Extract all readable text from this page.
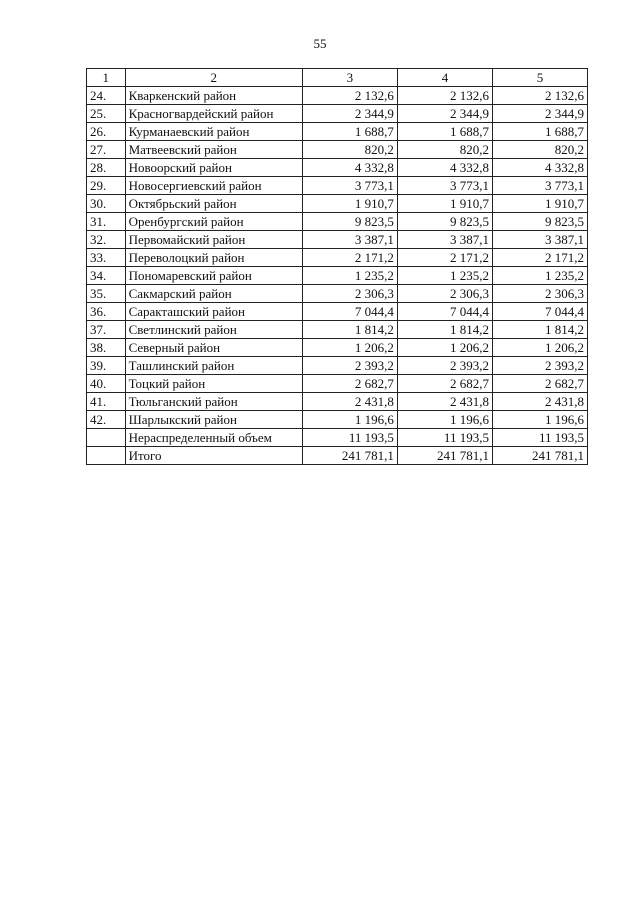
55
1	2	3	4	5
24.	Кваркенский район	2 132,6	2 132,6	2 132,6
25.	Красногвардейский район	2 344,9	2 344,9	2 344,9
26.	Курманаевский район	1 688,7	1 688,7	1 688,7
27.	Матвеевский район	820,2	820,2	820,2
28.	Новоорский район	4 332,8	4 332,8	4 332,8
29.	Новосергиевский район	3 773,1	3 773,1	3 773,1
30.	Октябрьский район	1 910,7	1 910,7	1 910,7
31.	Оренбургский район	9 823,5	9 823,5	9 823,5
32.	Первомайский район	3 387,1	3 387,1	3 387,1
33.	Переволоцкий район	2 171,2	2 171,2	2 171,2
34.	Пономаревский район	1 235,2	1 235,2	1 235,2
35.	Сакмарский район	2 306,3	2 306,3	2 306,3
36.	Саракташский район	7 044,4	7 044,4	7 044,4
37.	Светлинский район	1 814,2	1 814,2	1 814,2
38.	Северный район	1 206,2	1 206,2	1 206,2
39.	Ташлинский район	2 393,2	2 393,2	2 393,2
40.	Тоцкий район	2 682,7	2 682,7	2 682,7
41.	Тюльганский район	2 431,8	2 431,8	2 431,8
42.	Шарлыкский район	1 196,6	1 196,6	1 196,6
	Нераспределенный объем	11 193,5	11 193,5	11 193,5
	Итого	241 781,1	241 781,1	241 781,1
